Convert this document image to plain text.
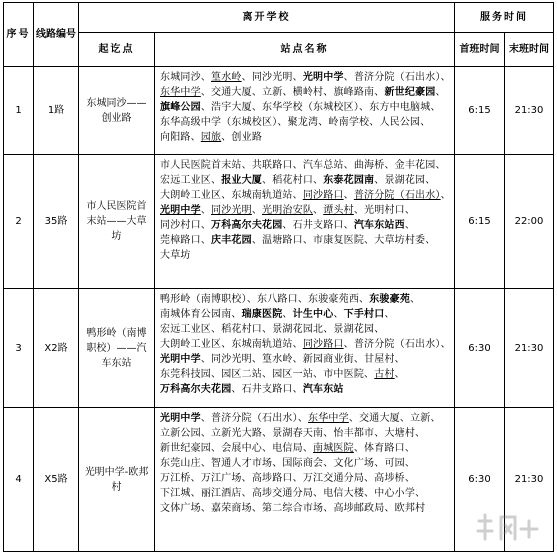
序号	线路编号	离开学校		服务时间	
		起讫点	站点名称	首班时间	末班时间
1	1路	东城同沙——创业路	东城同沙、篁水岭、同沙光明、光明中学、普济分院（石出水）、东华中学、交通大厦、立新、横岭村、旗峰路南、新世纪豪园、旗峰公园、浩宇大厦、东华学校（东城校区）、东方中电脑城、东华高级中学（东城校区）、聚龙湾、岭南学校、人民公园、向阳路、园旅、创业路	6:15	21:30
2	35路	市人民医院首末站——大草坊	市人民医院首末站、共联路口、汽车总站、曲海桥、金丰花园、宏远工业区、报业大厦、稻花村口、东泰花园南、景湖花园、大朗岭工业区、东城南轨道站、同沙路口、普济分院（石出水）、光明中学、同沙光明、光明治安队、谭头村、光明村口、同沙村口、万科高尔夫花园、石井支路口、汽车东站西、莞樟路口、庆丰花园、温塘路口、市康复医院、大草坊村委、大草坊	6:15	22:00
3	X2路	鸭形岭（南博职校）——汽车东站	鸭形岭（南博职校）、东八路口、东骏豪苑西、东骏豪苑、南城体育公园南、瑞康医院、计生中心、下手村口、宏远工业区、稻花村口、景湖花园北、景湖花园、大朗岭工业区、东城南轨道站、同沙路口、普济分院（石出水）、光明中学、同沙光明、篁水岭、新园商业街、甘屋村、东莞科技园、园区二站、园区一站、市中医院、古村、万科高尔夫花园、石井支路口、汽车东站	6:30	21:30
4	X5路	光明中学-欧邦村	光明中学、普济分院（石出水）、东华中学、交通大厦、立新、立新公园、立新光大路、景湖春天南、怡丰都市、大塘村、新世纪豪园、会展中心、电信局、南城医院、体育路口、东莞山庄、智通人才市场、国际商会、文化广场、可园、万江桥、万江广场、高埗路口、万江交通分局、高埗桥、下江城、丽江酒店、高埗交通分局、电信大楼、中心小学、文体广场、嘉荣商场、第二综合市场、高埗邮政局、欧邦村	6:30	21:30
